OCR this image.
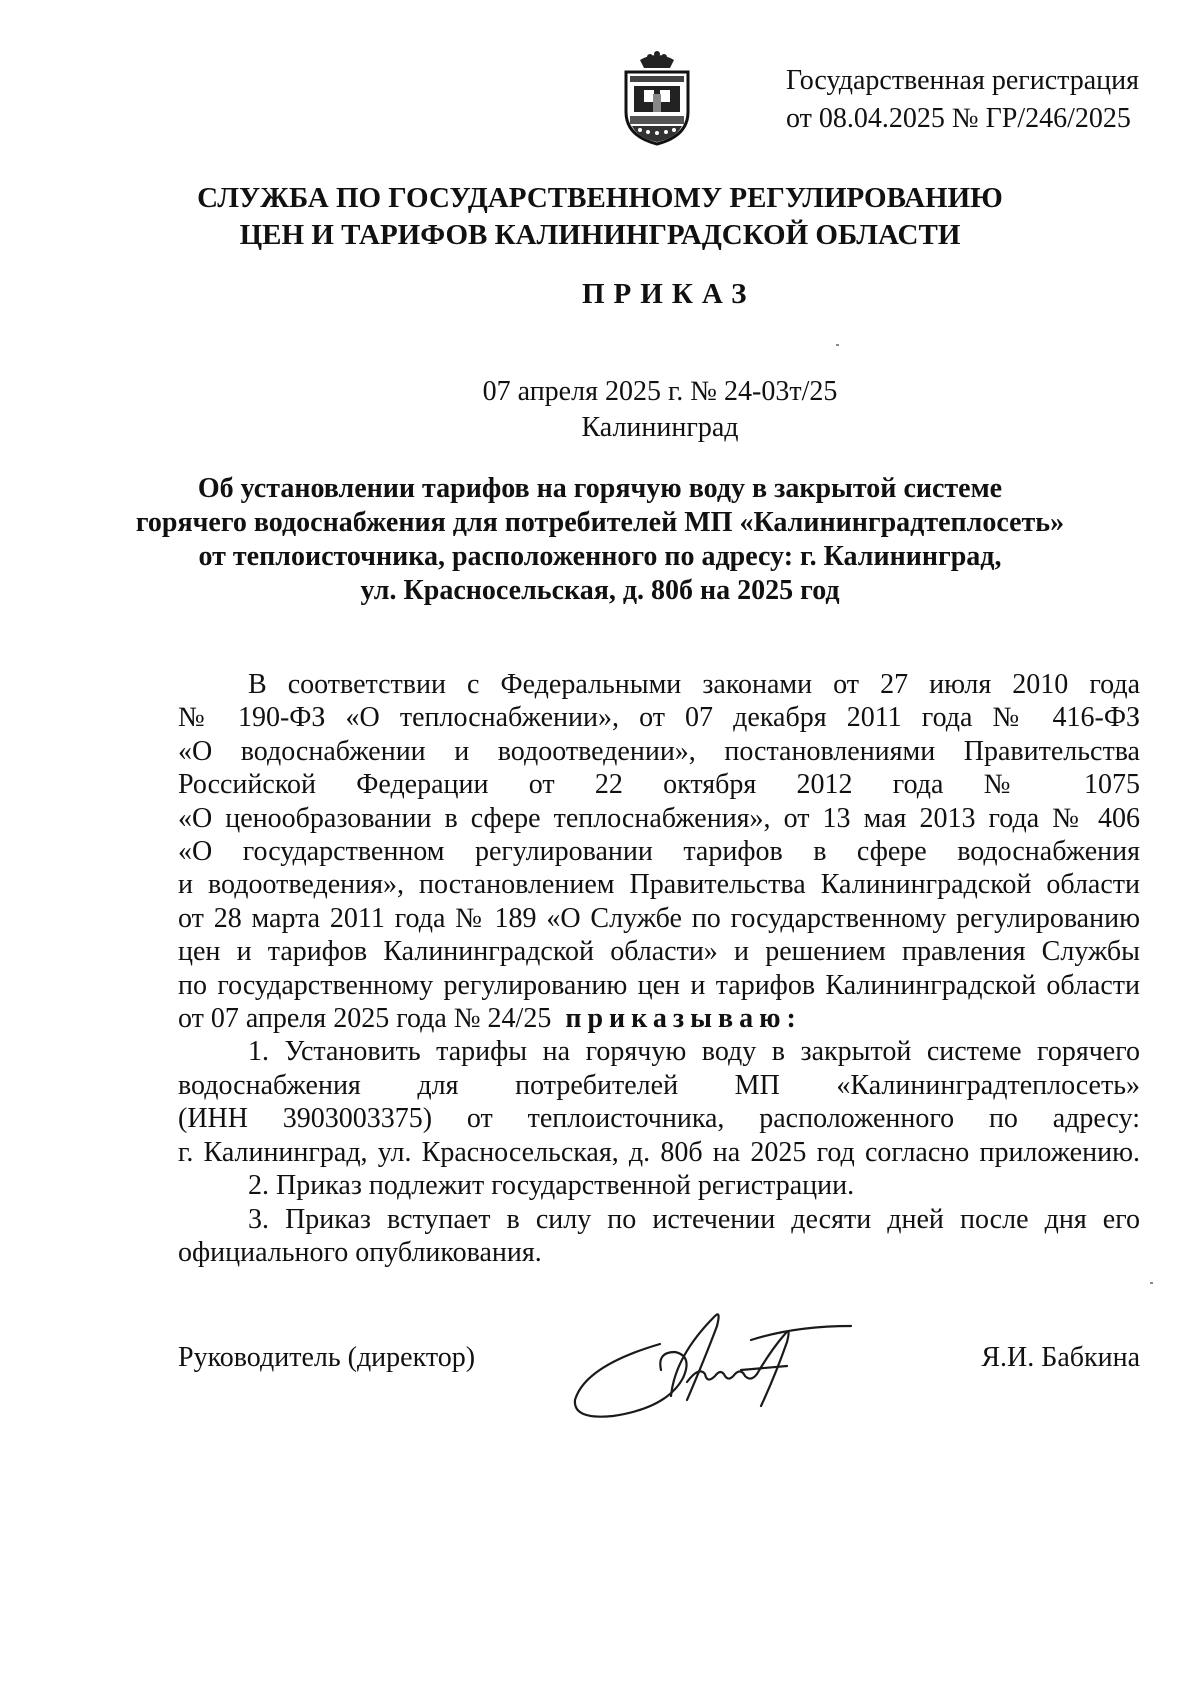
Государственная регистрация
от 08.04.2025 № ГР/246/2025
СЛУЖБА ПО ГОСУДАРСТВЕННОМУ РЕГУЛИРОВАНИЮ
ЦЕН И ТАРИФОВ КАЛИНИНГРАДСКОЙ ОБЛАСТИ
ПРИКАЗ
07 апреля 2025 г. № 24-03т/25
Калининград
Об установлении тарифов на горячую воду в закрытой системе
горячего водоснабжения для потребителей МП «Калининградтеплосеть»
от теплоисточника, расположенного по адресу: г. Калининград,
ул. Красносельская, д. 80б на 2025 год
В соответствии с Федеральными законами от 27 июля 2010 года
№ 190-ФЗ «О теплоснабжении», от 07 декабря 2011 года № 416-ФЗ
«О водоснабжении и водоотведении», постановлениями Правительства
Российской Федерации от 22 октября 2012 года № 1075
«О ценообразовании в сфере теплоснабжения», от 13 мая 2013 года № 406
«О государственном регулировании тарифов в сфере водоснабжения
и водоотведения», постановлением Правительства Калининградской области
от 28 марта 2011 года № 189 «О Службе по государственному регулированию
цен и тарифов Калининградской области» и решением правления Службы
по государственному регулированию цен и тарифов Калининградской области
от 07 апреля 2025 года № 24/25 приказываю:
1. Установить тарифы на горячую воду в закрытой системе горячего
водоснабжения для потребителей МП «Калининградтеплосеть»
(ИНН 3903003375) от теплоисточника, расположенного по адресу:
г. Калининград, ул. Красносельская, д. 80б на 2025 год согласно приложению.
2. Приказ подлежит государственной регистрации.
3. Приказ вступает в силу по истечении десяти дней после дня его
официального опубликования.
Руководитель (директор)	Я.И. Бабкина
